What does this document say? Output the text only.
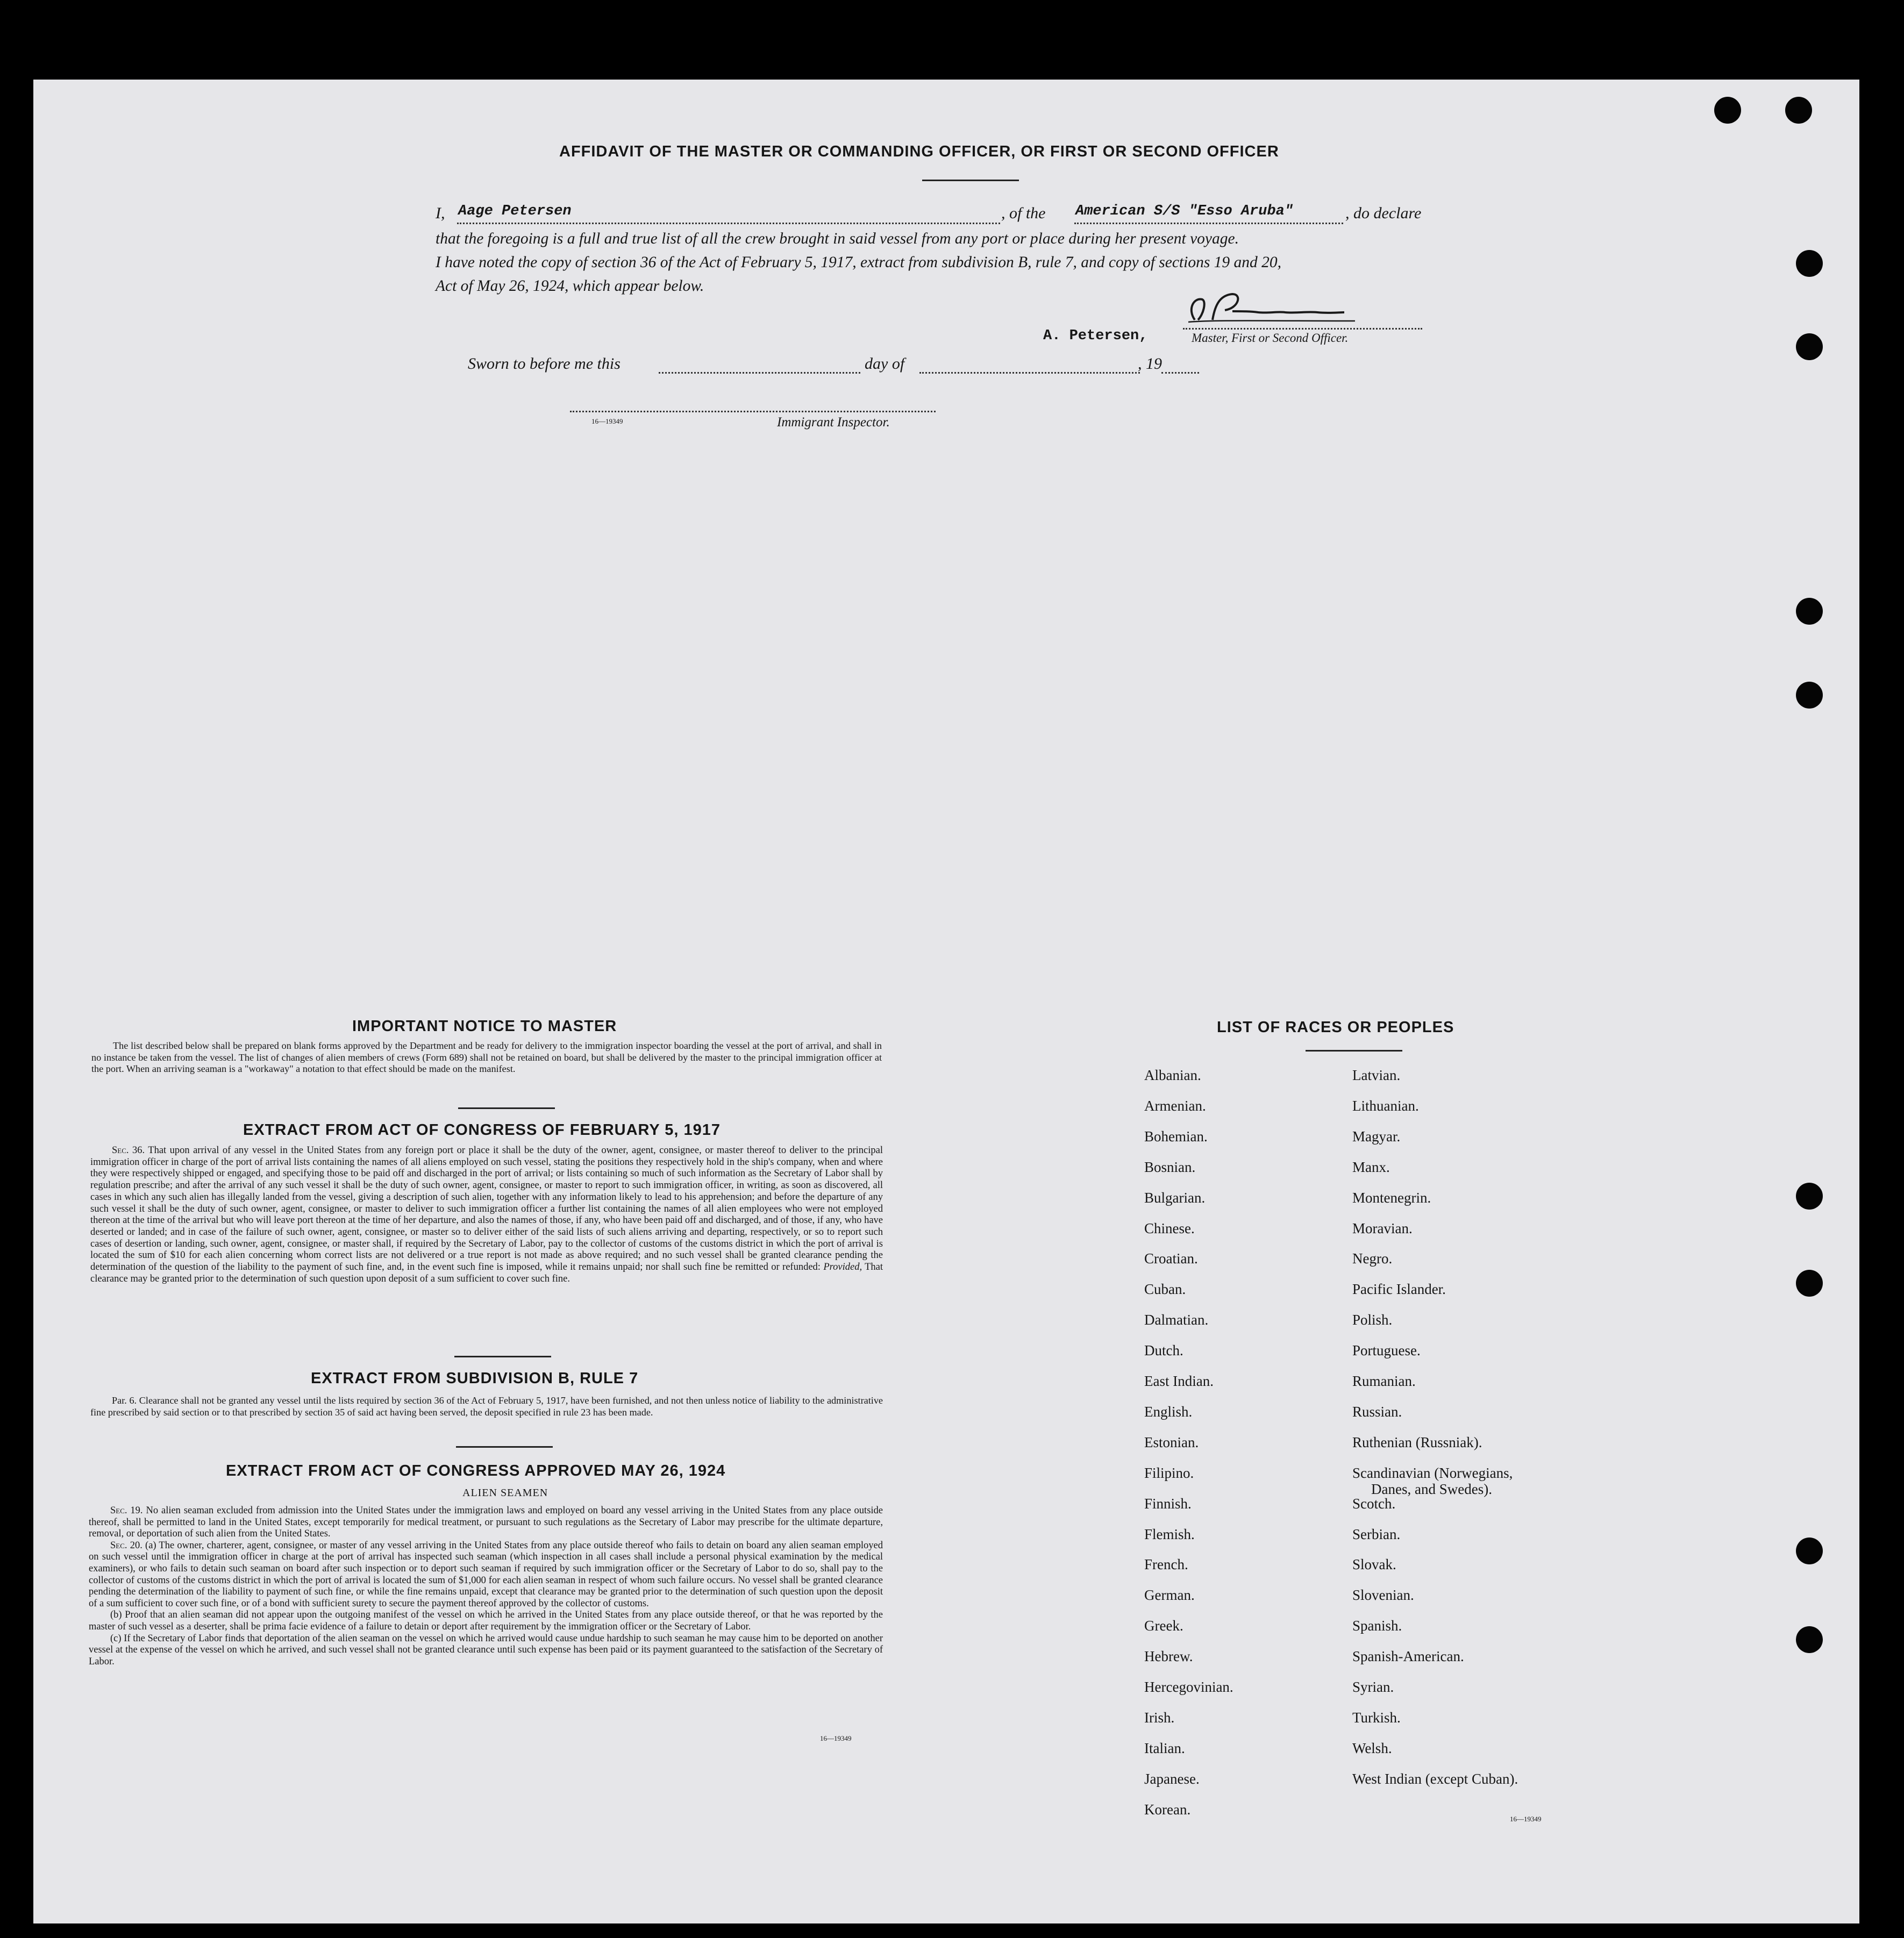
AFFIDAVIT OF THE MASTER OR COMMANDING OFFICER, OR FIRST OR SECOND OFFICER
I, Aage Petersen	, of the American S/S "Esso Aruba"	, do declare
that the foregoing is a full and true list of all the crew brought in said vessel from any port or place during her present voyage.
I have noted the copy of section 36 of the Act of February 5, 1917, extract from subdivision B, rule 7, and copy of sections 19 and 20,
Act of May 26, 1924, which appear below.
A. Petersen,	Master, First or Second Officer.
Sworn to before me this	day of	, 19
16—19349	Immigrant Inspector.
IMPORTANT NOTICE TO MASTER

The list described below shall be prepared on blank forms approved by the Department and be ready for delivery to the immigration inspector boarding the vessel at the port of arrival, and shall in no instance be taken from the vessel. The list of changes of alien members of crews (Form 689) shall not be retained on board, but shall be delivered by the master to the principal immigration officer at the port. When an arriving seaman is a "workaway" a notation to that effect should be made on the manifest.

EXTRACT FROM ACT OF CONGRESS OF FEBRUARY 5, 1917

Sec. 36. That upon arrival of any vessel in the United States from any foreign port or place it shall be the duty of the owner, agent, consignee, or master thereof to deliver to the principal immigration officer in charge of the port of arrival lists containing the names of all aliens employed on such vessel, stating the positions they respectively hold in the ship's company, when and where they were respectively shipped or engaged, and specifying those to be paid off and discharged in the port of arrival; or lists containing so much of such information as the Secretary of Labor shall by regulation prescribe; and after the arrival of any such vessel it shall be the duty of such owner, agent, consignee, or master to report to such immigration officer, in writing, as soon as discovered, all cases in which any such alien has illegally landed from the vessel, giving a description of such alien, together with any information likely to lead to his apprehension; and before the departure of any such vessel it shall be the duty of such owner, agent, consignee, or master to deliver to such immigration officer a further list containing the names of all alien employees who were not employed thereon at the time of the arrival but who will leave port thereon at the time of her departure, and also the names of those, if any, who have been paid off and discharged, and of those, if any, who have deserted or landed; and in case of the failure of such owner, agent, consignee, or master so to deliver either of the said lists of such aliens arriving and departing, respectively, or so to report such cases of desertion or landing, such owner, agent, consignee, or master shall, if required by the Secretary of Labor, pay to the collector of customs of the customs district in which the port of arrival is located the sum of $10 for each alien concerning whom correct lists are not delivered or a true report is not made as above required; and no such vessel shall be granted clearance pending the determination of the question of the liability to the payment of such fine, and, in the event such fine is imposed, while it remains unpaid; nor shall such fine be remitted or refunded: Provided, That clearance may be granted prior to the determination of such question upon deposit of a sum sufficient to cover such fine.

EXTRACT FROM SUBDIVISION B, RULE 7

Par. 6. Clearance shall not be granted any vessel until the lists required by section 36 of the Act of February 5, 1917, have been furnished, and not then unless notice of liability to the administrative fine prescribed by said section or to that prescribed by section 35 of said act having been served, the deposit specified in rule 23 has been made.

EXTRACT FROM ACT OF CONGRESS APPROVED MAY 26, 1924
ALIEN SEAMEN

Sec. 19. No alien seaman excluded from admission into the United States under the immigration laws and employed on board any vessel arriving in the United States from any place outside thereof, shall be permitted to land in the United States, except temporarily for medical treatment, or pursuant to such regulations as the Secretary of Labor may prescribe for the ultimate departure, removal, or deportation of such alien from the United States.

Sec. 20. (a) The owner, charterer, agent, consignee, or master of any vessel arriving in the United States from any place outside thereof who fails to detain on board any alien seaman employed on such vessel until the immigration officer in charge at the port of arrival has inspected such seaman (which inspection in all cases shall include a personal physical examination by the medical examiners), or who fails to detain such seaman on board after such inspection or to deport such seaman if required by such immigration officer or the Secretary of Labor to do so, shall pay to the collector of customs of the customs district in which the port of arrival is located the sum of $1,000 for each alien seaman in respect of whom such failure occurs. No vessel shall be granted clearance pending the determination of the liability to payment of such fine, or while the fine remains unpaid, except that clearance may be granted prior to the determination of such question upon the deposit of a sum sufficient to cover such fine, or of a bond with sufficient surety to secure the payment thereof approved by the collector of customs.

(b) Proof that an alien seaman did not appear upon the outgoing manifest of the vessel on which he arrived in the United States from any place outside thereof, or that he was reported by the master of such vessel as a deserter, shall be prima facie evidence of a failure to detain or deport after requirement by the immigration officer or the Secretary of Labor.

(c) If the Secretary of Labor finds that deportation of the alien seaman on the vessel on which he arrived would cause undue hardship to such seaman he may cause him to be deported on another vessel at the expense of the vessel on which he arrived, and such vessel shall not be granted clearance until such expense has been paid or its payment guaranteed to the satisfaction of the Secretary of Labor.

16—19349
LIST OF RACES OR PEOPLES
Albanian.
Armenian.
Bohemian.
Bosnian.
Bulgarian.
Chinese.
Croatian.
Cuban.
Dalmatian.
Dutch.
East Indian.
English.
Estonian.
Filipino.
Finnish.
Flemish.
French.
German.
Greek.
Hebrew.
Hercegovinian.
Irish.
Italian.
Japanese.
Korean.
Latvian.
Lithuanian.
Magyar.
Manx.
Montenegrin.
Moravian.
Negro.
Pacific Islander.
Polish.
Portuguese.
Rumanian.
Russian.
Ruthenian (Russniak).
Scandinavian (Norwegians,
Danes, and Swedes).
Scotch.
Serbian.
Slovak.
Slovenian.
Spanish.
Spanish-American.
Syrian.
Turkish.
Welsh.
West Indian (except Cuban).
16—19349
